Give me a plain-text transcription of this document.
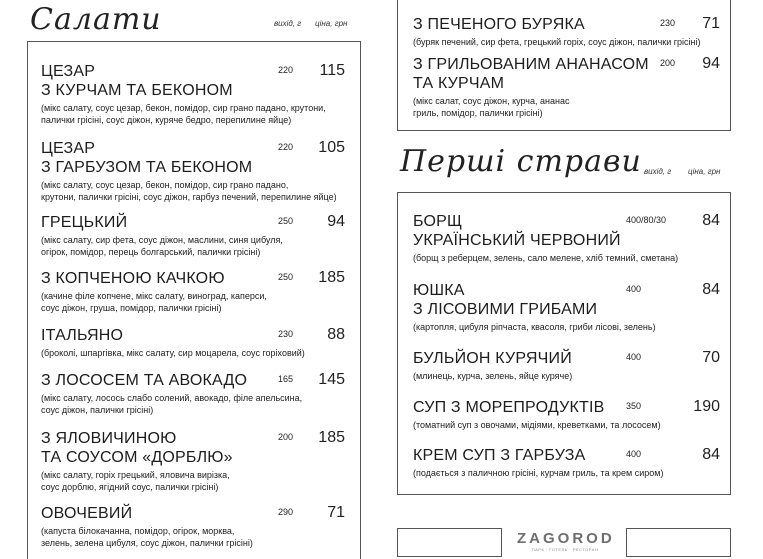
Салати	вихід, г ціна, грн
ЦЕЗАР
З КУРЧАМ ТА БЕКОНОМ
(мікс салату, соус цезар, бекон, помідор, сир грано падано, крутони,
палички грісіні, соус діжон, куряче бедро, перепилине яйце)
220 115
ЦЕЗАР
З ГАРБУЗОМ ТА БЕКОНОМ
(мікс салату, соус цезар, бекон, помідор, сир грано падано,
крутони, палички грісіні, соус діжон, гарбуз печений, перепилине яйце)
220 105
ГРЕЦЬКИЙ
(мікс салату, сир фета, соус діжон, маслини, синя цибуля,
огірок, помідор, перець болгарський, палички грісіні)
250 94
З КОПЧЕНОЮ КАЧКОЮ
(качине філе копчене, мікс салату, виноград, каперси,
соус діжон, груша, помідор, палички грісіні)
250 185
ІТАЛЬЯНО
(броколі, шпаргівка, мікс салату, сир моцарела, соус горіховий)
230 88
З ЛОСОСЕМ ТА АВОКАДО
(мікс салату, лосось слабо солений, авокадо, філе апельсина,
соус діжон, палички грісіні)
165 145
З ЯЛОВИЧИНОЮ
ТА СОУСОМ «ДОРБЛЮ»
(мікс салату, горіх грецький, яловича вирізка,
соус дорблю, ягідний соус, палички грісіні)
200 185
ОВОЧЕВИЙ
(капуста білокачанна, помідор, огірок, морква,
зелень, зелена цибуля, соус діжон, палички грісіні)
290 71
З ПЕЧЕНОГО БУРЯКА
(буряк печений, сир фета, грецький горіх, соус діжон, палички грісіні)
230 71
З ГРИЛЬОВАНИМ АНАНАСОМ
ТА КУРЧАМ
(мікс салат, соус діжон, курча, ананас
гриль, помідор, палички грісіні)
200 94
Перші страви вихід, г ціна, грн
БОРЩ
УКРАЇНСЬКИЙ ЧЕРВОНИЙ
(борщ з реберцем, зелень, сало мелене, хліб темний, сметана)
400/80/30 84
ЮШКА
З ЛІСОВИМИ ГРИБАМИ
(картопля, цибуля ріпчаста, квасоля, гриби лісові, зелень)
400	84
БУЛЬЙОН КУРЯЧИЙ
(млинець, курча, зелень, яйце куряче)
400	70
СУП З МОРЕПРОДУКТІВ
(томатний суп з овочами, мідіями, креветками, та лососем)
350	190
КРЕМ СУП З ГАРБУЗА
(подається з паличною грісіні, курчам гриль, та крем сиром)
400	84
ZAGOROD
ПАРК · ГОТЕЛЬ · РЕСТОРАН
